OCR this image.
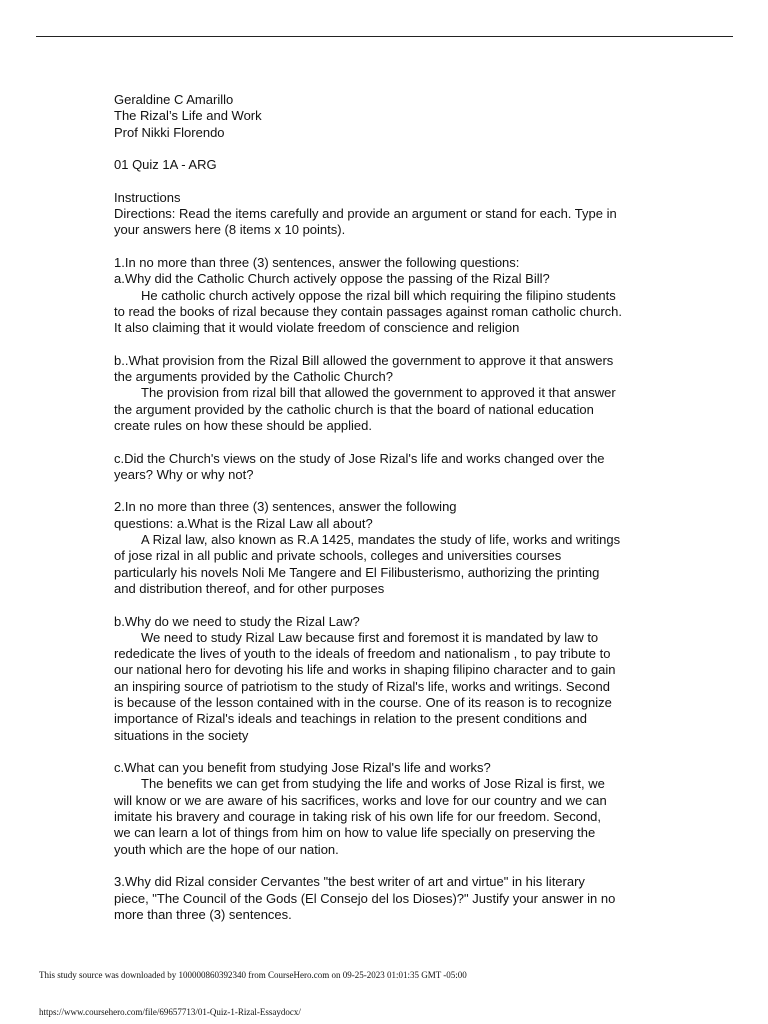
Geraldine C Amarillo
The Rizal’s Life and Work
Prof Nikki Florendo
01 Quiz 1A - ARG
Instructions
Directions: Read the items carefully and provide an argument or stand for each. Type in
your answers here (8 items x 10 points).
1.In no more than three (3) sentences, answer the following questions:
a.Why did the Catholic Church actively oppose the passing of the Rizal Bill?
He catholic church actively oppose the rizal bill which requiring the filipino students
to read the books of rizal because they contain passages against roman catholic church.
It also claiming that it would violate freedom of conscience and religion
b..What provision from the Rizal Bill allowed the government to approve it that answers
the arguments provided by the Catholic Church?
The provision from rizal bill that allowed the government to approved it that answer
the argument provided by the catholic church is that the board of national education
create rules on how these should be applied.
c.Did the Church's views on the study of Jose Rizal's life and works changed over the
years? Why or why not?
2.In no more than three (3) sentences, answer the following
questions: a.What is the Rizal Law all about?
A Rizal law, also known as R.A 1425, mandates the study of life, works and writings
of jose rizal in all public and private schools, colleges and universities courses
particularly his novels Noli Me Tangere and El Filibusterismo, authorizing the printing
and distribution thereof, and for other purposes
b.Why do we need to study the Rizal Law?
We need to study Rizal Law because first and foremost it is mandated by law to
rededicate the lives of youth to the ideals of freedom and nationalism , to pay tribute to
our national hero for devoting his life and works in shaping filipino character and to gain
an inspiring source of patriotism to the study of Rizal's life, works and writings. Second
is because of the lesson contained with in the course. One of its reason is to recognize
importance of Rizal's ideals and teachings in relation to the present conditions and
situations in the society
c.What can you benefit from studying Jose Rizal's life and works?
The benefits we can get from studying the life and works of Jose Rizal is first, we
will know or we are aware of his sacrifices, works and love for our country and we can
imitate his bravery and courage in taking risk of his own life for our freedom. Second,
we can learn a lot of things from him on how to value life specially on preserving the
youth which are the hope of our nation.
3.Why did Rizal consider Cervantes "the best writer of art and virtue" in his literary
piece, "The Council of the Gods (El Consejo del los Dioses)?" Justify your answer in no
more than three (3) sentences.
This study source was downloaded by 100000860392340 from CourseHero.com on 09-25-2023 01:01:35 GMT -05:00
https://www.coursehero.com/file/69657713/01-Quiz-1-Rizal-Essaydocx/
